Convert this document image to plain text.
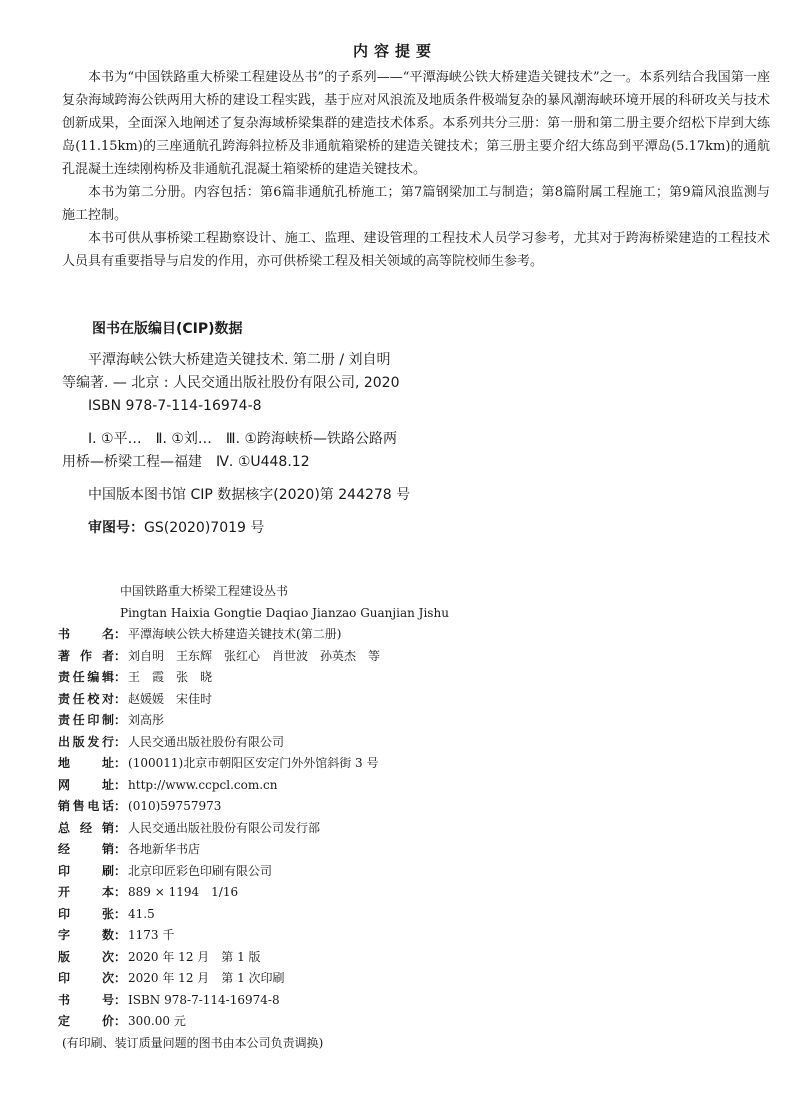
内容提要

本书为“中国铁路重大桥梁工程建设丛书”的子系列——“平潭海峡公铁大桥建造关键技术”之一。本系列结合我国第一座复杂海域跨海公铁两用大桥的建设工程实践，基于应对风浪流及地质条件极端复杂的暴风潮海峡环境开展的科研攻关与技术创新成果，全面深入地阐述了复杂海域桥梁集群的建造技术体系。本系列共分三册：第一册和第二册主要介绍松下岸到大练岛(11.15km)的三座通航孔跨海斜拉桥及非通航箱梁桥的建造关键技术；第三册主要介绍大练岛到平潭岛(5.17km)的通航孔混凝土连续刚构桥及非通航孔混凝土箱梁桥的建造关键技术。

本书为第二分册。内容包括：第6篇非通航孔桥施工；第7篇钢梁加工与制造；第8篇附属工程施工；第9篇风浪监测与施工控制。

本书可供从事桥梁工程勘察设计、施工、监理、建设管理的工程技术人员学习参考，尤其对于跨海桥梁建造的工程技术人员具有重要指导与启发的作用，亦可供桥梁工程及相关领域的高等院校师生参考。

图书在版编目(CIP)数据
平潭海峡公铁大桥建造关键技术. 第二册 / 刘自明
等编著. — 北京 : 人民交通出版社股份有限公司, 2020
ISBN 978-7-114-16974-8
Ⅰ. ①平…　Ⅱ. ①刘…　Ⅲ. ①跨海峡桥—铁路公路两
用桥—桥梁工程—福建　Ⅳ. ①U448.12
中国版本图书馆 CIP 数据核字(2020)第 244278 号
审图号：GS(2020)7019 号
中国铁路重大桥梁工程建设丛书
Pingtan Haixia Gongtie Daqiao Jianzao Guanjian Jishu
书名 ： 平潭海峡公铁大桥建造关键技术(第二册)
著作者 ： 刘自明　王东辉　张红心　肖世波　孙英杰　等
责任编辑 ： 王　霞　张　晓
责任校对 ： 赵媛媛　宋佳时
责任印制 ： 刘高彤
出版发行 ： 人民交通出版社股份有限公司
地址 ： (100011)北京市朝阳区安定门外外馆斜街 3 号
网址 ： http://www.ccpcl.com.cn
销售电话 ： (010)59757973
总经销 ： 人民交通出版社股份有限公司发行部
经销 ： 各地新华书店
印刷 ： 北京印匠彩色印刷有限公司
开本 ： 889 × 1194　1/16
印张 ： 41.5
字数 ： 1173 千
版次 ： 2020 年 12 月　第 1 版
印次 ： 2020 年 12 月　第 1 次印刷
书号 ： ISBN 978-7-114-16974-8
定价 ： 300.00 元
(有印刷、装订质量问题的图书由本公司负责调换)
